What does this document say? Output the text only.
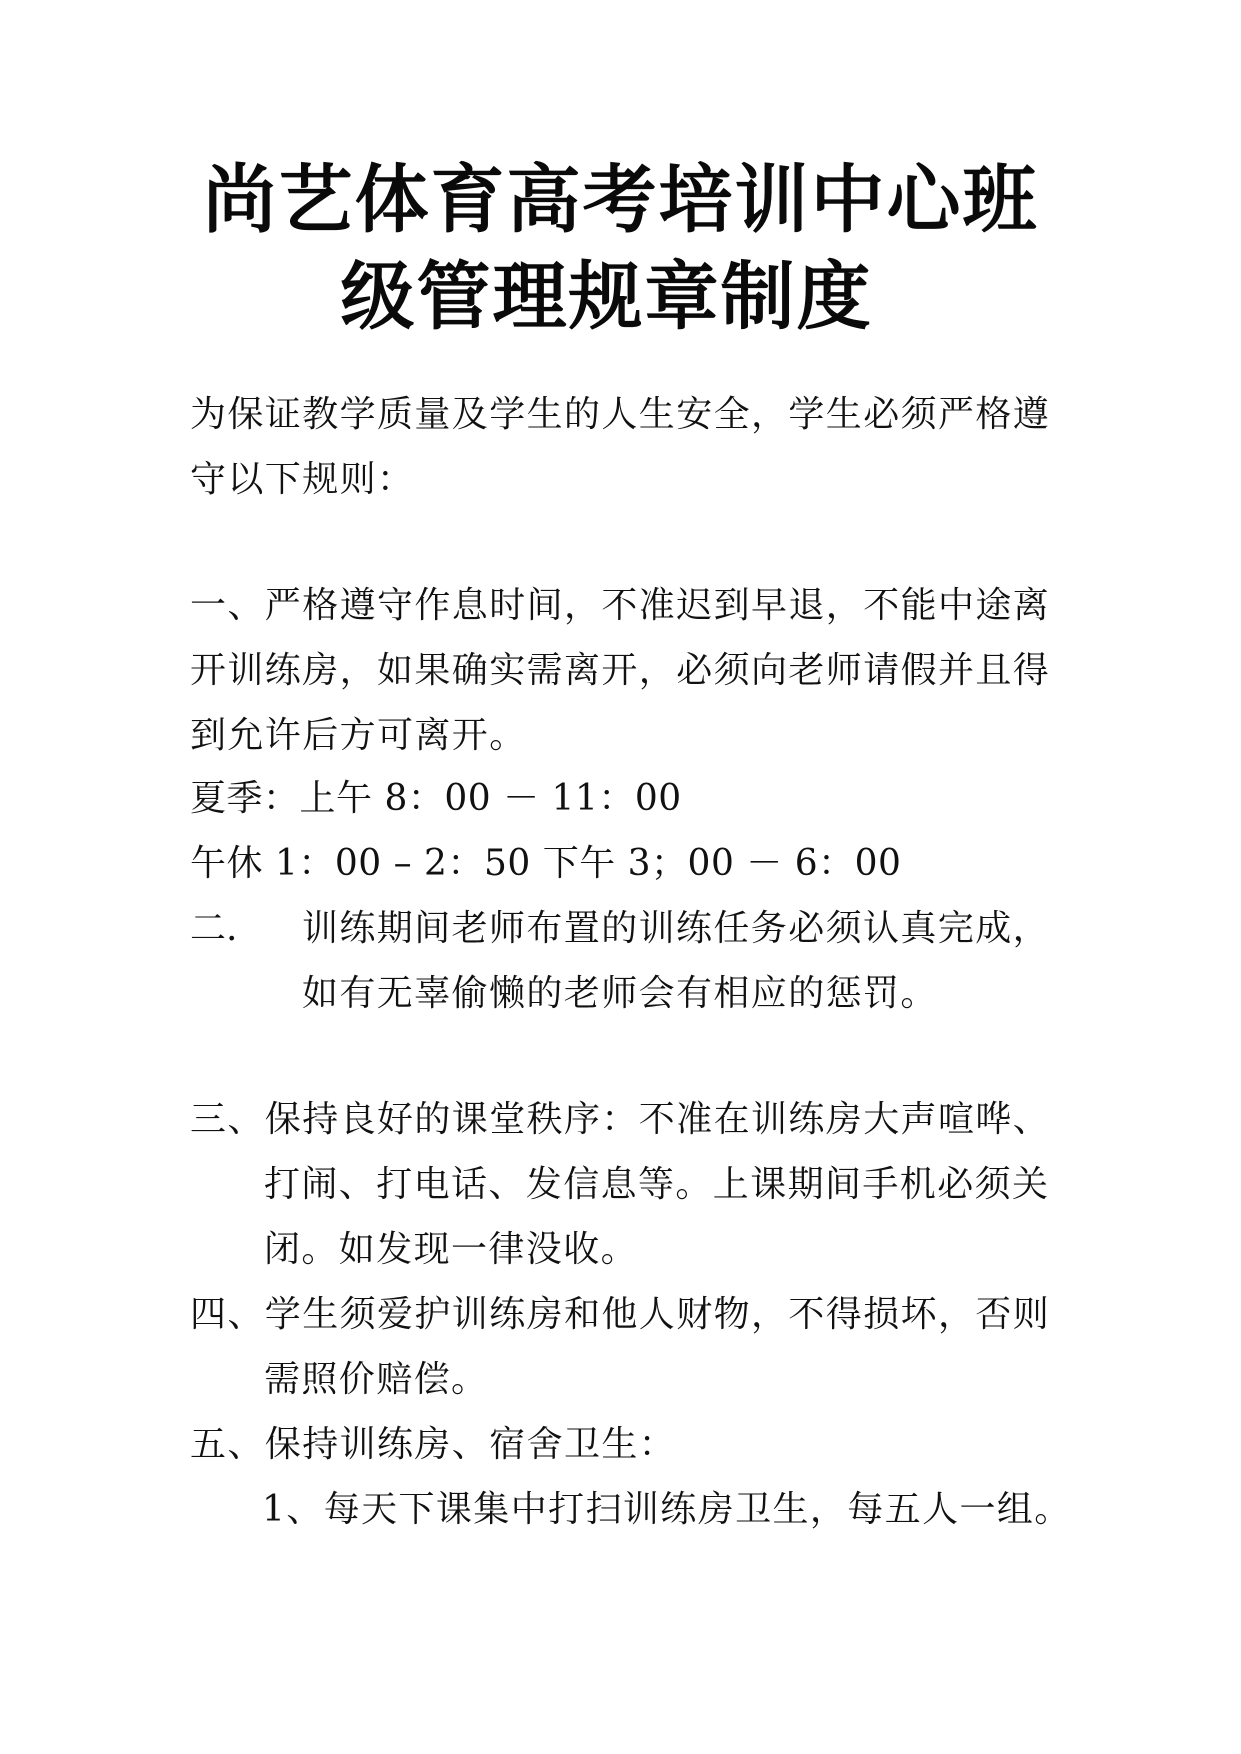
尚艺体育高考培训中心班
级管理规章制度
为保证教学质量及学生的人生安全，学生必须严格遵
守以下规则：
一、严格遵守作息时间，不准迟到早退，不能中途离
开训练房，如果确实需离开，必须向老师请假并且得
到允许后方可离开。
夏季：上午 8：00 － 11：00
午休 1：00 – 2：50 下午 3；00 － 6：00
二. 训练期间老师布置的训练任务必须认真完成，
如有无辜偷懒的老师会有相应的惩罚。
三、保持良好的课堂秩序：不准在训练房大声喧哗、
打闹、打电话、发信息等。上课期间手机必须关
闭。如发现一律没收。
四、学生须爱护训练房和他人财物，不得损坏，否则
需照价赔偿。
五、保持训练房、宿舍卫生：
1、每天下课集中打扫训练房卫生，每五人一组。
